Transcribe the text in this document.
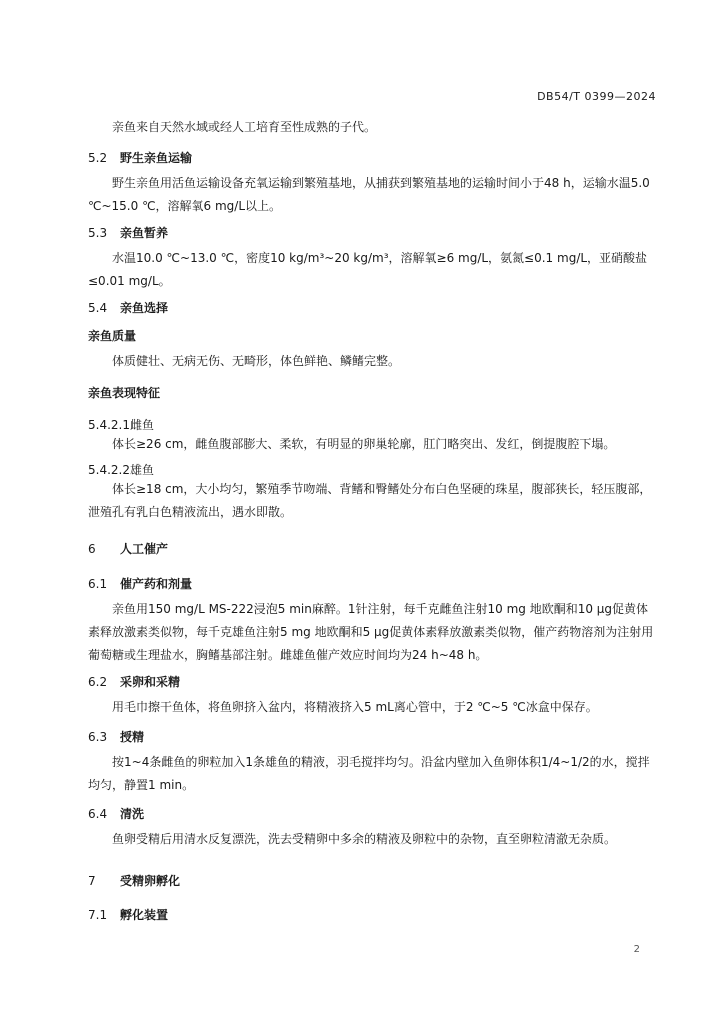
DB54/T 0399—2024
亲鱼来自天然水域或经人工培育至性成熟的子代。
5.2 野生亲鱼运输
野生亲鱼用活鱼运输设备充氧运输到繁殖基地，从捕获到繁殖基地的运输时间小于48 h，运输水温5.0 ℃~15.0 ℃，溶解氧6 mg/L以上。
5.3 亲鱼暂养
水温10.0 ℃~13.0 ℃，密度10 kg/m³~20 kg/m³，溶解氧≥6 mg/L，氨氮≤0.1 mg/L，亚硝酸盐≤0.01 mg/L。
5.4 亲鱼选择
亲鱼质量
体质健壮、无病无伤、无畸形，体色鲜艳、鳞鳍完整。
亲鱼表现特征
5.4.2.1雌鱼
体长≥26 cm，雌鱼腹部膨大、柔软，有明显的卵巢轮廓，肛门略突出、发红，倒提腹腔下塌。
5.4.2.2雄鱼
体长≥18 cm，大小均匀，繁殖季节吻端、背鳍和臀鳍处分布白色坚硬的珠星，腹部狭长，轻压腹部，泄殖孔有乳白色精液流出，遇水即散。
6 人工催产
6.1 催产药和剂量
亲鱼用150 mg/L MS-222浸泡5 min麻醉。1针注射，每千克雌鱼注射10 mg 地欧酮和10 μg促黄体素释放激素类似物，每千克雄鱼注射5 mg 地欧酮和5 μg促黄体素释放激素类似物，催产药物溶剂为注射用葡萄糖或生理盐水，胸鳍基部注射。雌雄鱼催产效应时间均为24 h~48 h。
6.2 采卵和采精
用毛巾擦干鱼体，将鱼卵挤入盆内，将精液挤入5 mL离心管中，于2 ℃~5 ℃冰盒中保存。
6.3 授精
按1~4条雌鱼的卵粒加入1条雄鱼的精液，羽毛搅拌均匀。沿盆内壁加入鱼卵体积1/4~1/2的水，搅拌均匀，静置1 min。
6.4 清洗
鱼卵受精后用清水反复漂洗，洗去受精卵中多余的精液及卵粒中的杂物，直至卵粒清澈无杂质。
7 受精卵孵化
7.1 孵化装置
2
